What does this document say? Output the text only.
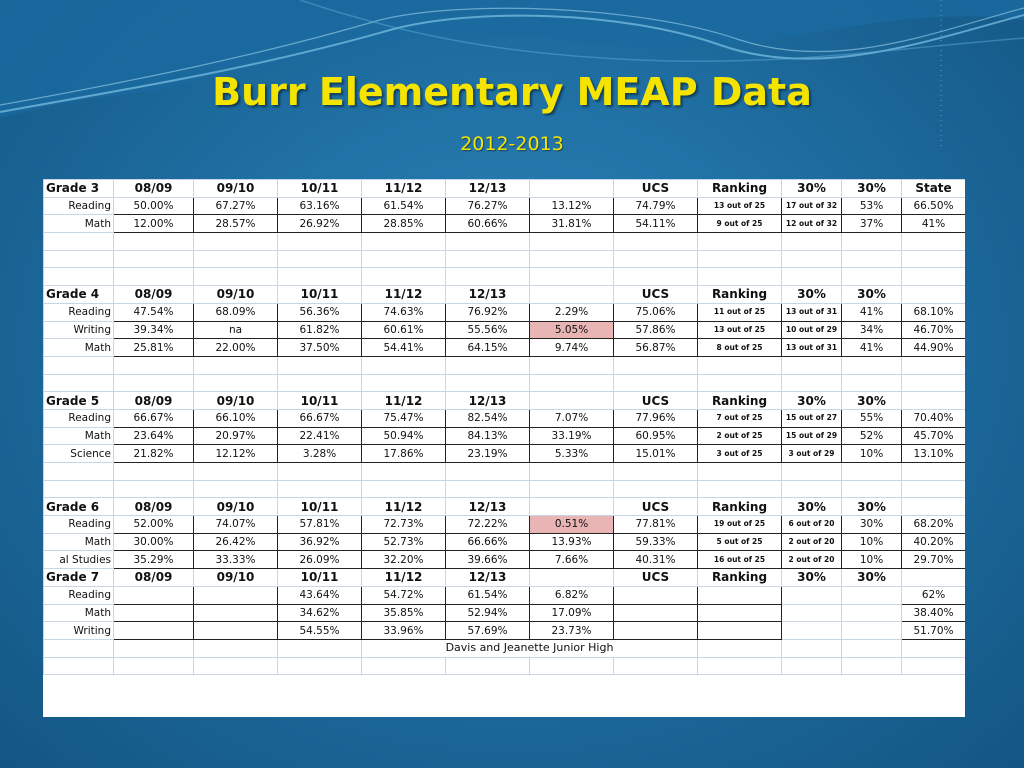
Burr Elementary MEAP Data
2012-2013
Grade 3	08/09	09/10	10/11	11/12	12/13		UCS	Ranking	30%	30%	State
Reading	50.00%	67.27%	63.16%	61.54%	76.27%	13.12%	74.79%	13 out of 25	17 out of 32	53%	66.50%
Math	12.00%	28.57%	26.92%	28.85%	60.66%	31.81%	54.11%	9 out of 25	12 out of 32	37%	41%

Grade 4	08/09	09/10	10/11	11/12	12/13		UCS	Ranking	30%	30%	
Reading	47.54%	68.09%	56.36%	74.63%	76.92%	2.29%	75.06%	11 out of 25	13 out of 31	41%	68.10%
Writing	39.34%	na	61.82%	60.61%	55.56%	5.05%	57.86%	13 out of 25	10 out of 29	34%	46.70%
Math	25.81%	22.00%	37.50%	54.41%	64.15%	9.74%	56.87%	8 out of 25	13 out of 31	41%	44.90%

Grade 5	08/09	09/10	10/11	11/12	12/13		UCS	Ranking	30%	30%	
Reading	66.67%	66.10%	66.67%	75.47%	82.54%	7.07%	77.96%	7 out of 25	15 out of 27	55%	70.40%
Math	23.64%	20.97%	22.41%	50.94%	84.13%	33.19%	60.95%	2 out of 25	15 out of 29	52%	45.70%
Science	21.82%	12.12%	3.28%	17.86%	23.19%	5.33%	15.01%	3 out of 25	3 out of 29	10%	13.10%

Grade 6	08/09	09/10	10/11	11/12	12/13		UCS	Ranking	30%	30%	
Reading	52.00%	74.07%	57.81%	72.73%	72.22%	0.51%	77.81%	19 out of 25	6 out of 20	30%	68.20%
Math	30.00%	26.42%	36.92%	52.73%	66.66%	13.93%	59.33%	5 out of 25	2 out of 20	10%	40.20%
al Studies	35.29%	33.33%	26.09%	32.20%	39.66%	7.66%	40.31%	16 out of 25	2 out of 20	10%	29.70%
Grade 7	08/09	09/10	10/11	11/12	12/13		UCS	Ranking	30%	30%	
Reading			43.64%	54.72%	61.54%	6.82%					62%
Math			34.62%	35.85%	52.94%	17.09%					38.40%
Writing			54.55%	33.96%	57.69%	23.73%					51.70%
				Davis and Jeanette Junior High							
